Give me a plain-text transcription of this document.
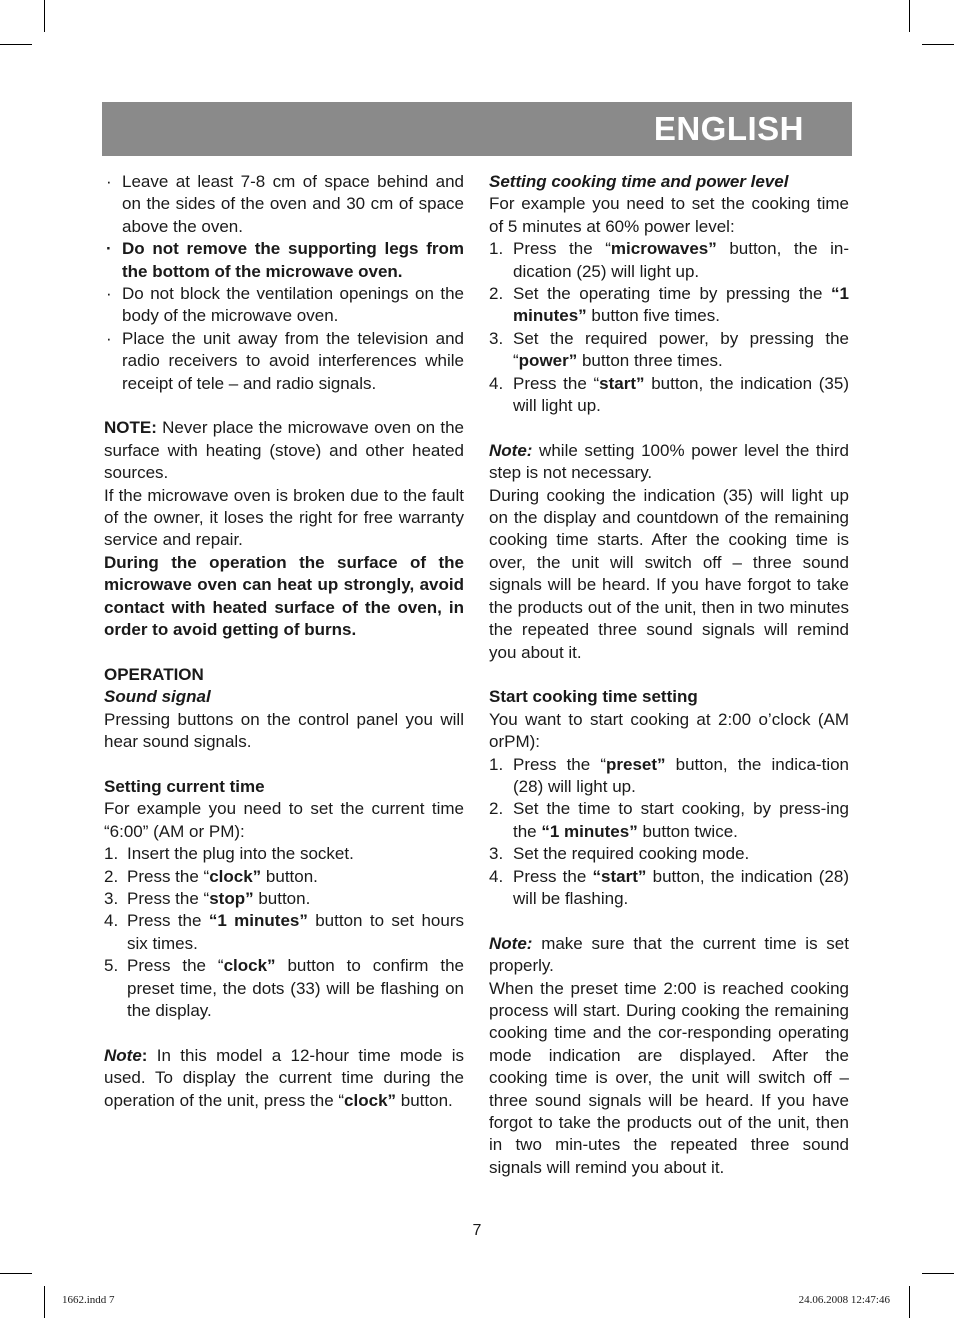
ENGLISH

· Leave at least 7-8 cm of space behind and on the sides of the oven and 30 cm of space above the oven.

· Do not remove the supporting legs from the bottom of the microwave oven.

· Do not block the ventilation openings on the body of the microwave oven.

· Place the unit away from the television and radio receivers to avoid interferences while receipt of tele – and radio signals.

NOTE: Never place the microwave oven on the surface with heating (stove) and other heated sources.

If the microwave oven is broken due to the fault of the owner, it loses the right for free warranty service and repair.

During the operation the surface of the microwave oven can heat up strongly, avoid contact with heated surface of the oven, in order to avoid getting of burns.

OPERATION

Sound signal

Pressing buttons on the control panel you will hear sound signals.

Setting current time

For example you need to set the current time “6:00” (AM or PM):

1. Insert the plug into the socket.

2. Press the “clock” button.

3. Press the “stop” button.

4. Press the “1 minutes” button to set hours six times.

5. Press the “clock” button to confirm the preset time, the dots (33) will be flashing on the display.

Note: In this model a 12-hour time mode is used. To display the current time during the operation of the unit, press the “clock” button.

Setting cooking time and power level

For example you need to set the cooking time of 5 minutes at 60% power level:

1. Press the “microwaves” button, the in-dication (25) will light up.

2. Set the operating time by pressing the “1 minutes” button five times.

3. Set the required power, by pressing the “power” button three times.

4. Press the “start” button, the indication (35) will light up.

Note: while setting 100% power level the third step is not necessary.

During cooking the indication (35) will light up on the display and countdown of the remaining cooking time starts. After the cooking time is over, the unit will switch off – three sound signals will be heard. If you have forgot to take the products out of the unit, then in two minutes the repeated three sound signals will remind you about it.

Start cooking time setting

You want to start cooking at 2:00 o’clock (AM orPM):

1. Press the “preset” button, the indica-tion (28) will light up.

2. Set the time to start cooking, by press-ing the “1 minutes” button twice.

3. Set the required cooking mode.

4. Press the “start” button, the indication (28) will be flashing.

Note: make sure that the current time is set properly.

When the preset time 2:00 is reached cooking process will start. During cooking the remaining cooking time and the cor-responding operating mode indication are displayed. After the cooking time is over, the unit will switch off – three sound signals will be heard. If you have forgot to take the products out of the unit, then in two min-utes the repeated three sound signals will remind you about it.

7
1662.indd 7	24.06.2008 12:47:46
